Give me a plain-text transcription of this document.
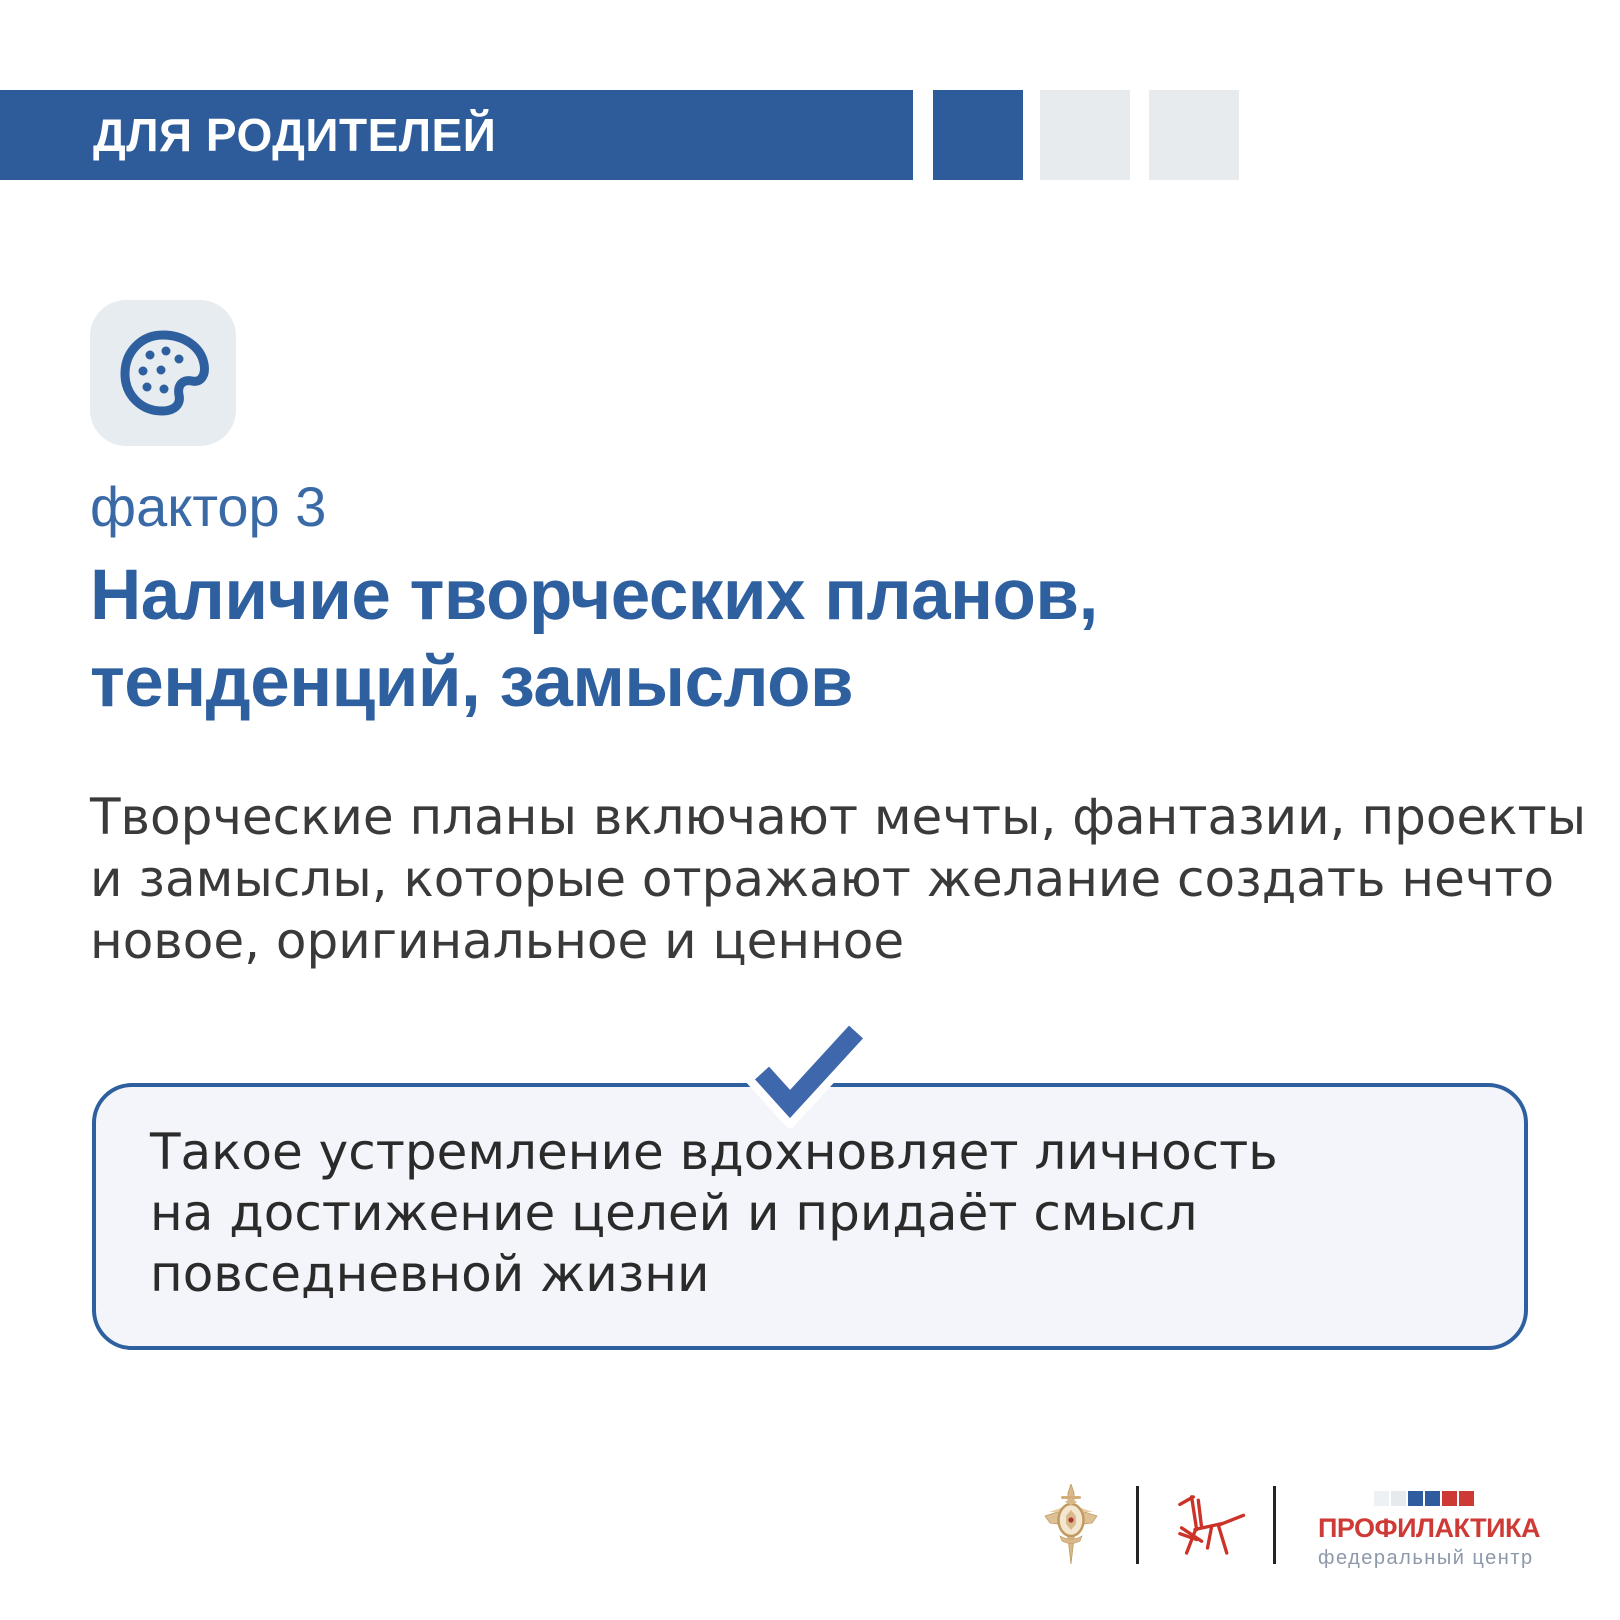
ДЛЯ РОДИТЕЛЕЙ
фактор 3
Наличие творческих планов,
тенденций, замыслов
Творческие планы включают мечты, фантазии, проекты
и замыслы, которые отражают желание создать нечто
новое, оригинальное и ценное
Такое устремление вдохновляет личность
на достижение целей и придаёт смысл
повседневной жизни
ПРОФИЛАКТИКА
федеральный центр
